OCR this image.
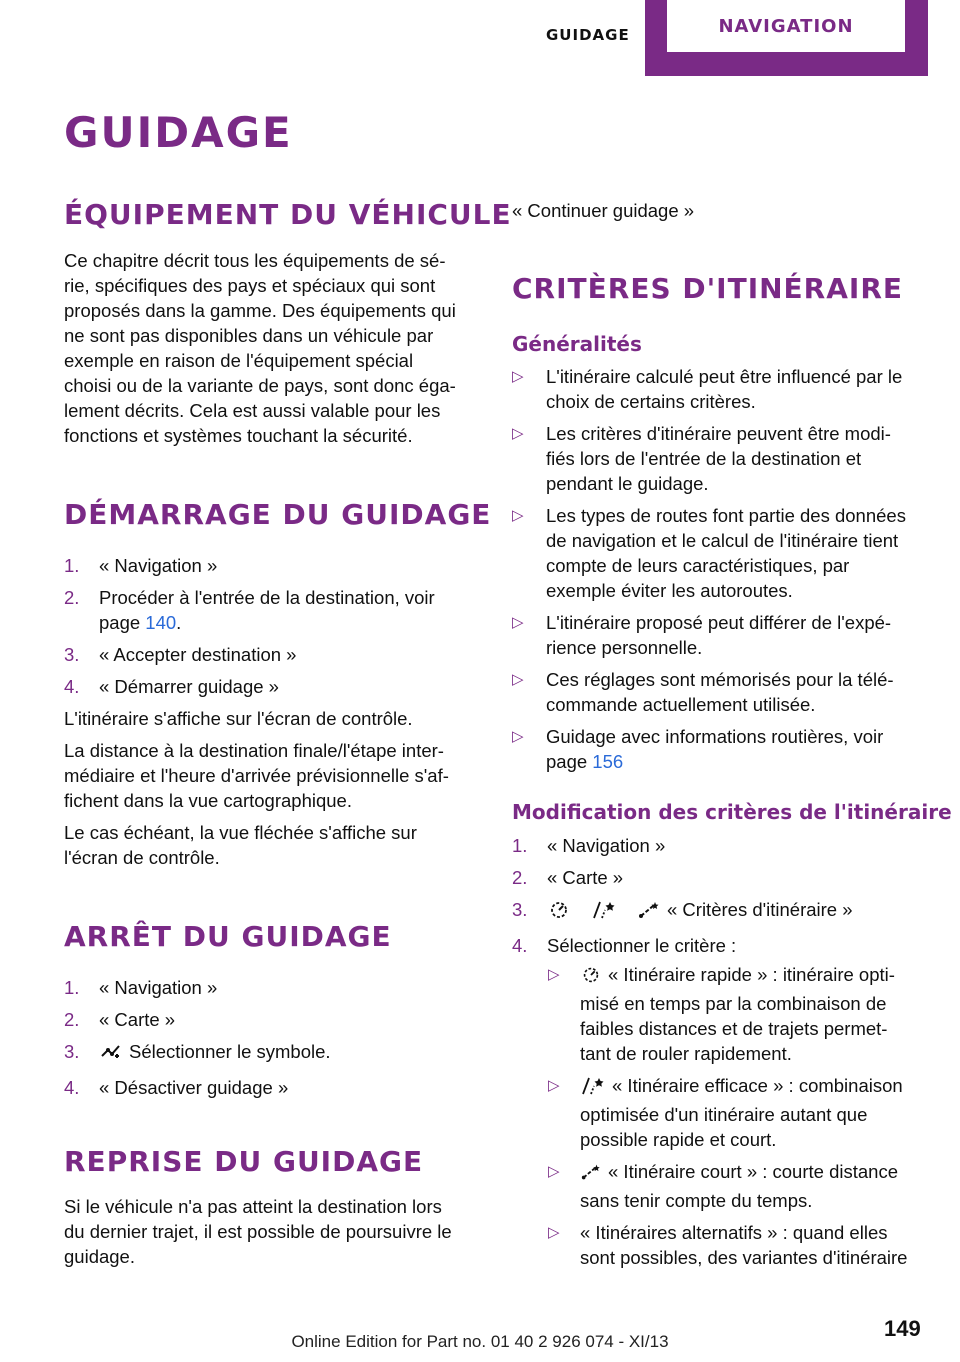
GUIDAGE	NAVIGATION
GUIDAGE
ÉQUIPEMENT DU VÉHICULE
Ce chapitre décrit tous les équipements de sé‐
rie, spécifiques des pays et spéciaux qui sont
proposés dans la gamme. Des équipements qui
ne sont pas disponibles dans un véhicule par
exemple en raison de l'équipement spécial
choisi ou de la variante de pays, sont donc éga‐
lement décrits. Cela est aussi valable pour les
fonctions et systèmes touchant la sécurité.
DÉMARRAGE DU GUIDAGE
1. « Navigation »
2. Procéder à l'entrée de la destination, voir
page 140.
3. « Accepter destination »
4. « Démarrer guidage »
L'itinéraire s'affiche sur l'écran de contrôle.
La distance à la destination finale/l'étape inter‐
médiaire et l'heure d'arrivée prévisionnelle s'af‐
fichent dans la vue cartographique.
Le cas échéant, la vue fléchée s'affiche sur
l'écran de contrôle.
ARRÊT DU GUIDAGE
1. « Navigation »
2. « Carte »
3.	Sélectionner le symbole.
4. « Désactiver guidage »
REPRISE DU GUIDAGE
Si le véhicule n'a pas atteint la destination lors
du dernier trajet, il est possible de poursuivre le
guidage.
« Continuer guidage »
CRITÈRES D'ITINÉRAIRE
Généralités
▷ L'itinéraire calculé peut être influencé par le
choix de certains critères.
▷ Les critères d'itinéraire peuvent être modi‐
fiés lors de l'entrée de la destination et
pendant le guidage.
▷ Les types de routes font partie des données
de navigation et le calcul de l'itinéraire tient
compte de leurs caractéristiques, par
exemple éviter les autoroutes.
▷ L'itinéraire proposé peut différer de l'expé‐
rience personnelle.
▷ Ces réglages sont mémorisés pour la télé‐
commande actuellement utilisée.
▷ Guidage avec informations routières, voir
page 156
Modification des critères de l'itinéraire
1. « Navigation »
2. « Carte »
3.	« Critères d'itinéraire »
4. Sélectionner le critère :
▷	« Itinéraire rapide » : itinéraire opti‐
misé en temps par la combinaison de
faibles distances et de trajets permet‐
tant de rouler rapidement.
▷	« Itinéraire efficace » : combinaison
optimisée d'un itinéraire autant que
possible rapide et court.
▷	« Itinéraire court » : courte distance
sans tenir compte du temps.
▷ « Itinéraires alternatifs » : quand elles
sont possibles, des variantes d'itinéraire
149
Online Edition for Part no. 01 40 2 926 074 - XI/13
